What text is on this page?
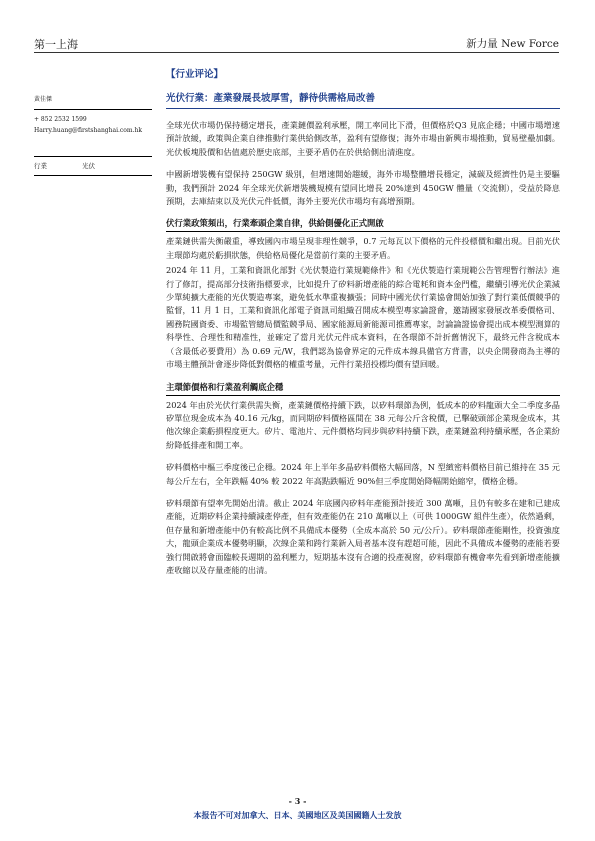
第一上海	新力量 New Force
黃佳傑
+ 852 2532 1599
Harry.huang@firstshanghai.com.hk
行業	光伏
【行业评论】
光伏行業：產業發展長坡厚雪，靜待供需格局改善

全球光伏市場仍保持穩定增長，產業鏈價盈利承壓，開工率同比下滑，但價格於Q3 見底企穩；中國市場增速預計放緩，政策與企業自律推動行業供給側改革，盈利有望修復；海外市場由新興市場推動，貿易壁壘加劇。光伏板塊股價和估值處於歷史底部，主要矛盾仍在於供給側出清進度。

中國新增裝機有望保持 250GW 級別，但增速開始趨緩，海外市場整體增長穩定，減碳及經濟性仍是主要驅動，我們預計 2024 年全球光伏新增裝機規模有望同比增長 20%達到 450GW 體量（交流側），受益於降息預期，去庫結束以及光伏元件低價，海外主要光伏市場均有高增預期。

伏行業政策頻出，行業牽頭企業自律，供給側優化正式開啟

產業鏈供需失衡嚴重，導致國內市場呈現非理性競爭，0.7 元每瓦以下價格的元件投標價和繼出現。目前光伏主環節均處於虧損狀態，供給格局優化是當前行業的主要矛盾。

2024 年 11 月，工業和資訊化部對《光伏製造行業規範條件》和《光伏製造行業規範公告管理暫行辦法》進行了修訂，提高部分技術指標要求，比如提升了矽料新增產能的綜合電耗和資本金門檻，繼續引導光伏企業減少單純擴大產能的光伏製造專案，避免低水準重複擴張；同時中國光伏行業協會開始加強了對行業低價競爭的監督，11 月 1 日，工業和資訊化部電子資訊司組織召開成本模型專家論證會，邀請國家發展改革委價格司、國務院國資委、市場監管總局價監競爭局、國家能源局新能源司推薦專家，討論論證協會提出成本模型測算的科學性、合理性和精准性，並確定了當月光伏元件成本資料，在各環節不計折舊情況下，最終元件含稅成本（含最低必要費用）為 0.69 元/W，我們認為協會界定的元件成本線具備官方背書，以央企開發商為主導的市場主體預計會逐步降低對價格的權重考量，元件行業招投標均價有望回暖。

主環節價格和行業盈利觸底企穩

2024 年由於光伏行業供需失衡，產業鏈價格持續下跌，以矽料環節為例，低成本的矽料龍頭大全二季度多晶矽單位現金成本為 40.16 元/kg，而同期矽料價格區間在 38 元每公斤含稅價，已擊破頭部企業現金成本，其他次線企業虧損程度更大。矽片、電池片、元件價格均同步與矽料持續下跌，產業鏈盈利持續承壓，各企業紛紛降低排產和開工率。

矽料價格中樞三季度後已企穩。2024 年上半年多晶矽料價格大幅回落，N 型緻密料價格目前已維持在 35 元每公斤左右，全年跌幅 40% 較 2022 年高點跌幅近 90%但三季度開始降幅開始縮窄，價格企穩。

矽料環節有望率先開始出清。截止 2024 年底國內矽料年產能預計接近 300 萬噸，且仍有較多在建和已建成產能，近期矽料企業持續減產停產，但有效產能仍在 210 萬噸以上（可供 1000GW 組件生產），依然過剩，但存量和新增產能中仍有較高比例不具備成本優勢（全成本高於 50 元/公斤）。矽料環節產能剛性，投資強度大，龍頭企業成本優勢明顯，次線企業和跨行業新入局者基本沒有趕超可能，因此不具備成本優勢的產能若要強行開啟將會面臨較長週期的盈利壓力，短期基本沒有合適的投產視窗，矽料環節有機會率先看到新增產能擴產收縮以及存量產能的出清。

- 3 -
本报告不可对加拿大、日本、美國地区及美国國籍人士发放
